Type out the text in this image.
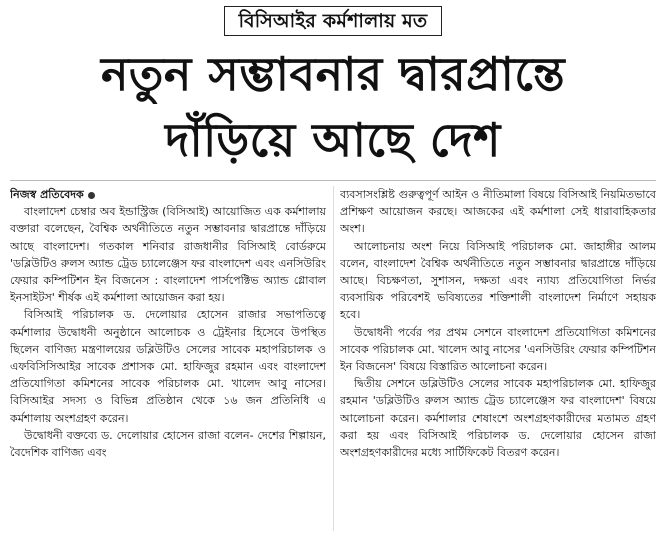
বিসিআইর কর্মশালায় মত
নতুন সম্ভাবনার দ্বারপ্রান্তে
দাঁড়িয়ে আছে দেশ
নিজস্ব প্রতিবেদক

বাংলাদেশ চেম্বার অব ইন্ডাস্ট্রিজ (বিসিআই) আয়োজিত এক কর্মশালায় বক্তারা বলেছেন, বৈশ্বিক অর্থনীতিতে নতুন সম্ভাবনার দ্বারপ্রান্তে দাঁড়িয়ে আছে বাংলাদেশ। গতকাল শনিবার রাজধানীর বিসিআই বোর্ডরুমে 'ডব্লিউটিও রুলস অ্যান্ড ট্রেড চ্যালেঞ্জেস ফর বাংলাদেশ এবং এনসিউরিং ফেয়ার কম্পিটিশন ইন বিজনেস : বাংলাদেশ পার্সপেক্টিভ অ্যান্ড গ্লোবাল ইনসাইটস' শীর্ষক এই কর্মশালা আয়োজন করা হয়।

বিসিআই পরিচালক ড. দেলোয়ার হোসেন রাজার সভাপতিত্বে কর্মশালার উদ্বোধনী অনুষ্ঠানে আলোচক ও ট্রেইনার হিসেবে উপস্থিত ছিলেন বাণিজ্য মন্ত্রণালয়ের ডব্লিউটিও সেলের সাবেক মহাপরিচালক ও এফবিসিসিআইর সাবেক প্রশাসক মো. হাফিজুর রহমান এবং বাংলাদেশ প্রতিযোগিতা কমিশনের সাবেক পরিচালক মো. খালেদ আবু নাসের। বিসিআইর সদস্য ও বিভিন্ন প্রতিষ্ঠান থেকে ১৬ জন প্রতিনিধি এ কর্মশালায় অংশগ্রহণ করেন।

উদ্বোধনী বক্তব্যে ড. দেলোয়ার হোসেন রাজা বলেন- দেশের শিল্পায়ন, বৈদেশিক বাণিজ্য এবং

ব্যবসাসংশ্লিষ্ট গুরুত্বপূর্ণ আইন ও নীতিমালা বিষয়ে বিসিআই নিয়মিতভাবে প্রশিক্ষণ আয়োজন করছে। আজকের এই কর্মশালা সেই ধারাবাহিকতার অংশ।

আলোচনায় অংশ নিয়ে বিসিআই পরিচালক মো. জাহাঙ্গীর আলম বলেন, বাংলাদেশ বৈশ্বিক অর্থনীতিতে নতুন সম্ভাবনার দ্বারপ্রান্তে দাঁড়িয়ে আছে। বিচক্ষণতা, সুশাসন, দক্ষতা এবং ন্যায্য প্রতিযোগিতা নির্ভর ব্যবসায়িক পরিবেশই ভবিষ্যতের শক্তিশালী বাংলাদেশ নির্মাণে সহায়ক হবে।

উদ্বোধনী পর্বের পর প্রথম সেশনে বাংলাদেশ প্রতিযোগিতা কমিশনের সাবেক পরিচালক মো. খালেদ আবু নাসের 'এনসিউরিং ফেয়ার কম্পিটিশন ইন বিজনেস' বিষয়ে বিস্তারিত আলোচনা করেন।

দ্বিতীয় সেশনে ডব্লিউটিও সেলের সাবেক মহাপরিচালক মো. হাফিজুর রহমান 'ডব্লিউটিও রুলস অ্যান্ড ট্রেড চ্যালেঞ্জেস ফর বাংলাদেশ' বিষয়ে আলোচনা করেন। কর্মশালার শেষাংশে অংশগ্রহণকারীদের মতামত গ্রহণ করা হয় এবং বিসিআই পরিচালক ড. দেলোয়ার হোসেন রাজা অংশগ্রহণকারীদের মধ্যে সার্টিফিকেট বিতরণ করেন।
